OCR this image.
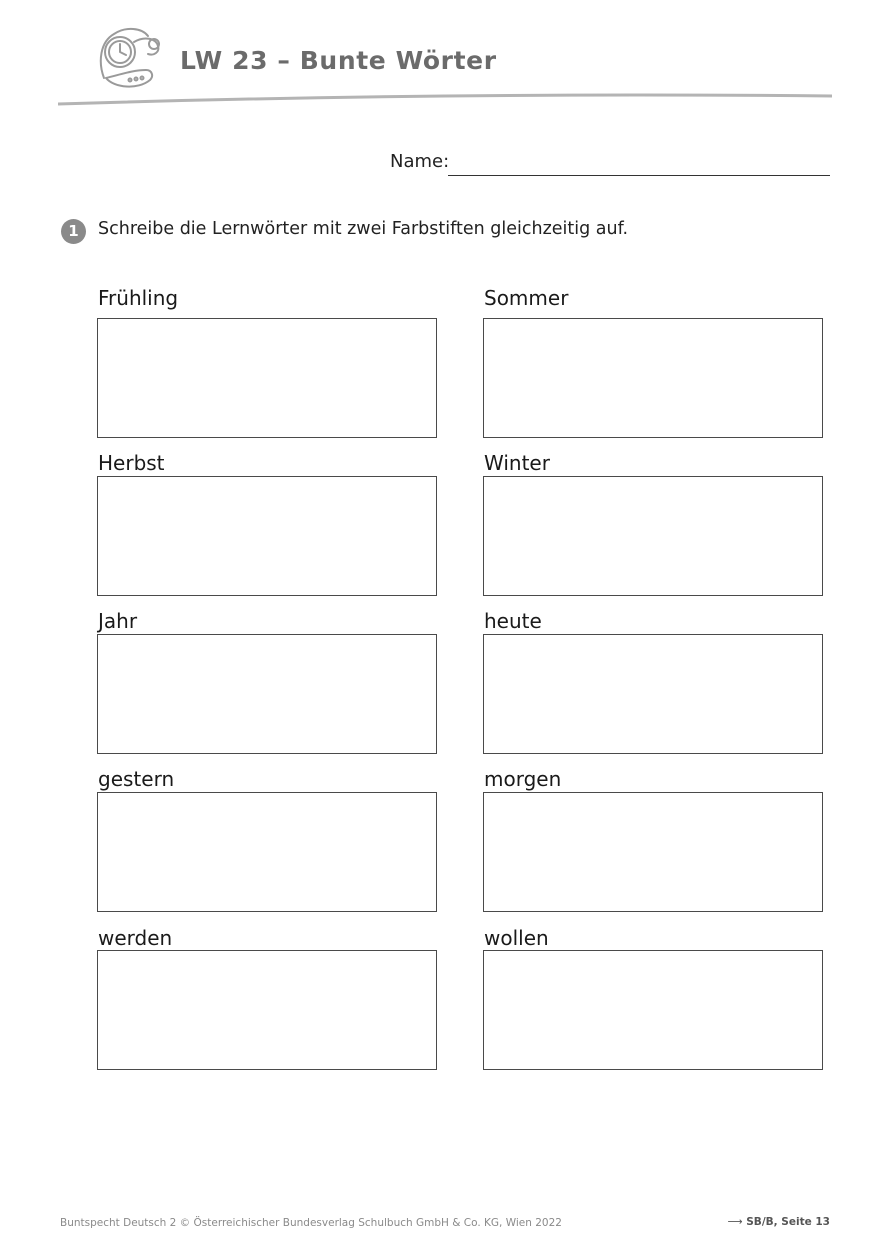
LW 23 – Bunte Wörter
Name:
1	Schreibe die Lernwörter mit zwei Farbstiften gleichzeitig auf.
Frühling	Sommer
Herbst	Winter
Jahr	heute
gestern	morgen
werden	wollen
Buntspecht Deutsch 2 © Österreichischer Bundesverlag Schulbuch GmbH & Co. KG, Wien 2022	⟶ SB/B, Seite 13
